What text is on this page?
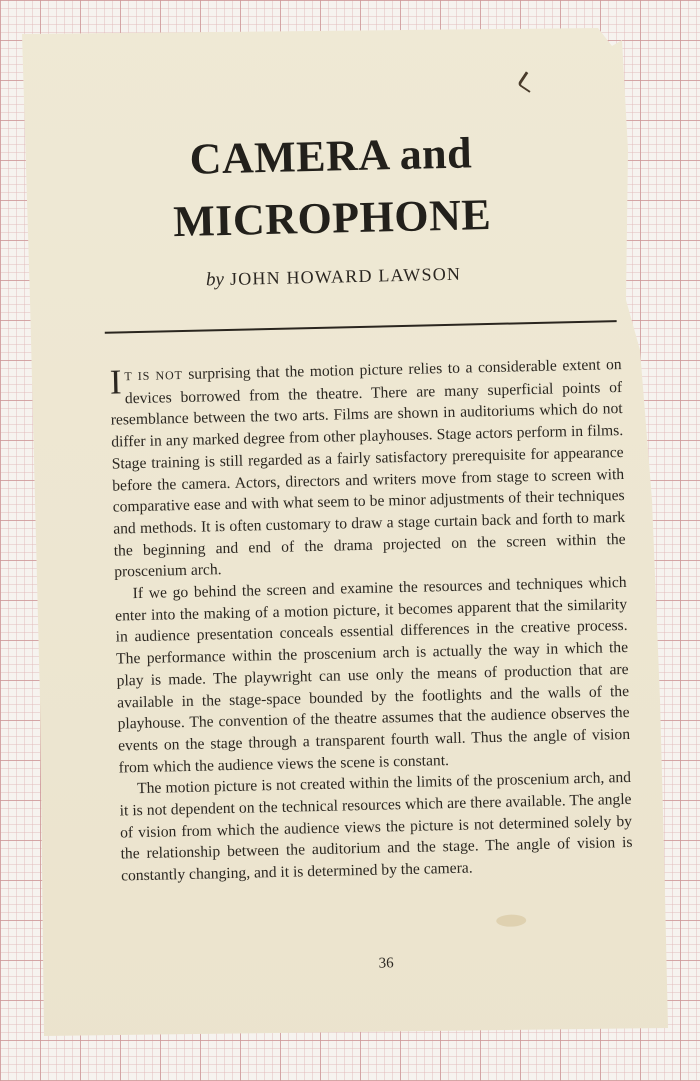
CAMERA and
MICROPHONE
by JOHN HOWARD LAWSON

I T IS NOT surprising that the motion picture relies to a considerable extent on devices borrowed from the theatre. There are many superficial points of resemblance between the two arts. Films are shown in auditoriums which do not differ in any marked degree from other playhouses. Stage actors perform in films. Stage training is still regarded as a fairly satisfactory prerequisite for appearance before the camera. Actors, directors and writers move from stage to screen with comparative ease and with what seem to be minor adjustments of their techniques and methods. It is often customary to draw a stage curtain back and forth to mark the beginning and end of the drama projected on the screen within the proscenium arch.

If we go behind the screen and examine the resources and techniques which enter into the making of a motion picture, it becomes apparent that the similarity in audience presentation conceals essential differences in the creative process. The performance within the proscenium arch is actually the way in which the play is made. The playwright can use only the means of production that are available in the stage-space bounded by the footlights and the walls of the playhouse. The convention of the theatre assumes that the audience observes the events on the stage through a transparent fourth wall. Thus the angle of vision from which the audience views the scene is constant.

The motion picture is not created within the limits of the proscenium arch, and it is not dependent on the technical resources which are there available. The angle of vision from which the audience views the picture is not determined solely by the relationship between the auditorium and the stage. The angle of vision is constantly changing, and it is determined by the camera.

36
